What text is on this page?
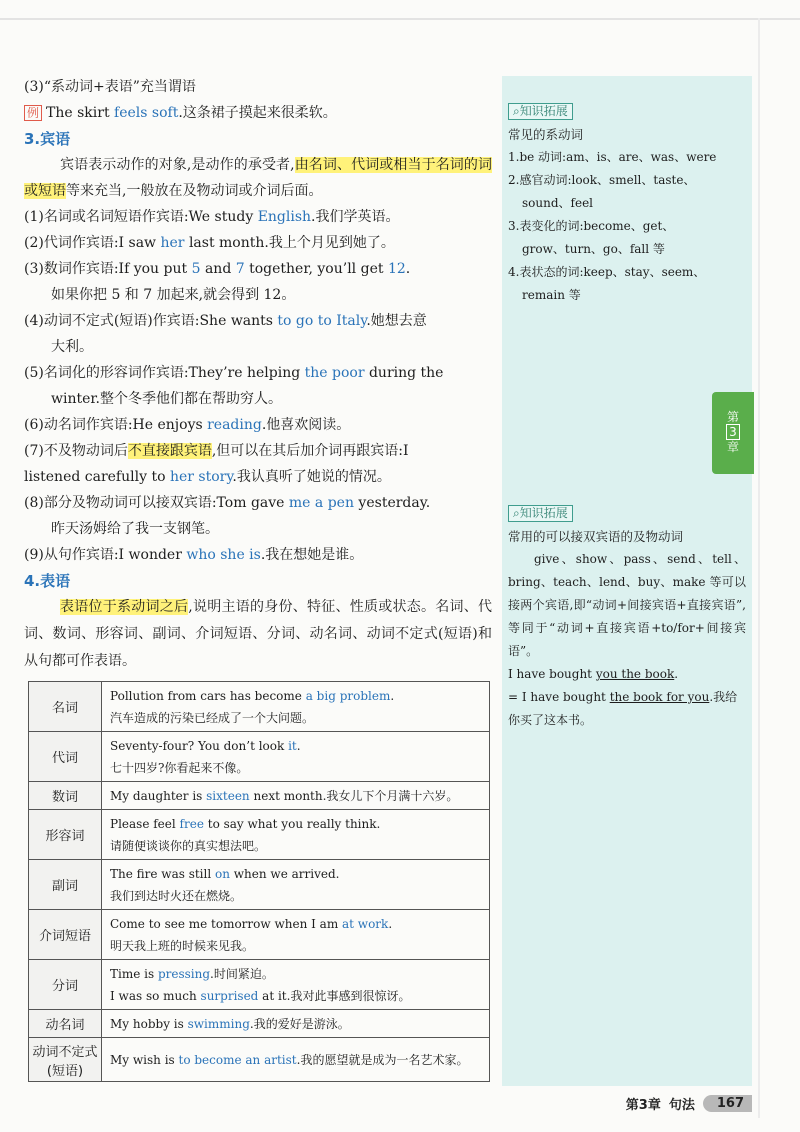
(3)“系动词+表语”充当谓语
例 The skirt feels soft.这条裙子摸起来很柔软。
3.宾语
宾语表示动作的对象,是动作的承受者,由名词、代词或相当于名词的词或短语等来充当,一般放在及物动词或介词后面。
(1)名词或名词短语作宾语:We study English.我们学英语。
(2)代词作宾语:I saw her last month.我上个月见到她了。
(3)数词作宾语:If you put 5 and 7 together, you’ll get 12.
如果你把 5 和 7 加起来,就会得到 12。
(4)动词不定式(短语)作宾语:She wants to go to Italy.她想去意
大利。
(5)名词化的形容词作宾语:They’re helping the poor during the
winter.整个冬季他们都在帮助穷人。
(6)动名词作宾语:He enjoys reading.他喜欢阅读。
(7)不及物动词后不直接跟宾语,但可以在其后加介词再跟宾语:I
listened carefully to her story.我认真听了她说的情况。
(8)部分及物动词可以接双宾语:Tom gave me a pen yesterday.
昨天汤姆给了我一支钢笔。
(9)从句作宾语:I wonder who she is.我在想她是谁。
4.表语
表语位于系动词之后,说明主语的身份、特征、性质或状态。名词、代词、数词、形容词、副词、介词短语、分词、动名词、动词不定式(短语)和从句都可作表语。
名词	Pollution from cars has become a big problem.
汽车造成的污染已经成了一个大问题。

代词	Seventy-four? You don’t look it.
七十四岁?你看起来不像。

数词	My daughter is sixteen next month.我女儿下个月满十六岁。

形容词	Please feel free to say what you really think.
请随便谈谈你的真实想法吧。

副词	The fire was still on when we arrived.
我们到达时火还在燃烧。

介词短语	Come to see me tomorrow when I am at work.
明天我上班的时候来见我。

分词	Time is pressing.时间紧迫。
I was so much surprised at it.我对此事感到很惊讶。

动名词	My hobby is swimming.我的爱好是游泳。

动词不定式(短语)	My wish is to become an artist.我的愿望就是成为一名艺术家。
⌕知识拓展
常见的系动词
1.be 动词:am、is、are、was、were
2.感官动词:look、smell、taste、
sound、feel
3.表变化的词:become、get、
grow、turn、go、fall 等
4.表状态的词:keep、stay、seem、
remain 等
⌕知识拓展
常用的可以接双宾语的及物动词
give、show、pass、send、tell、bring、teach、lend、buy、make 等可以接两个宾语,即“动词+间接宾语+直接宾语”,等同于“动词+直接宾语+to/for+间接宾语”。
I have bought you the book.
= I have bought the book for you.我给你买了这本书。
第
3
章
第3章 句法	167
